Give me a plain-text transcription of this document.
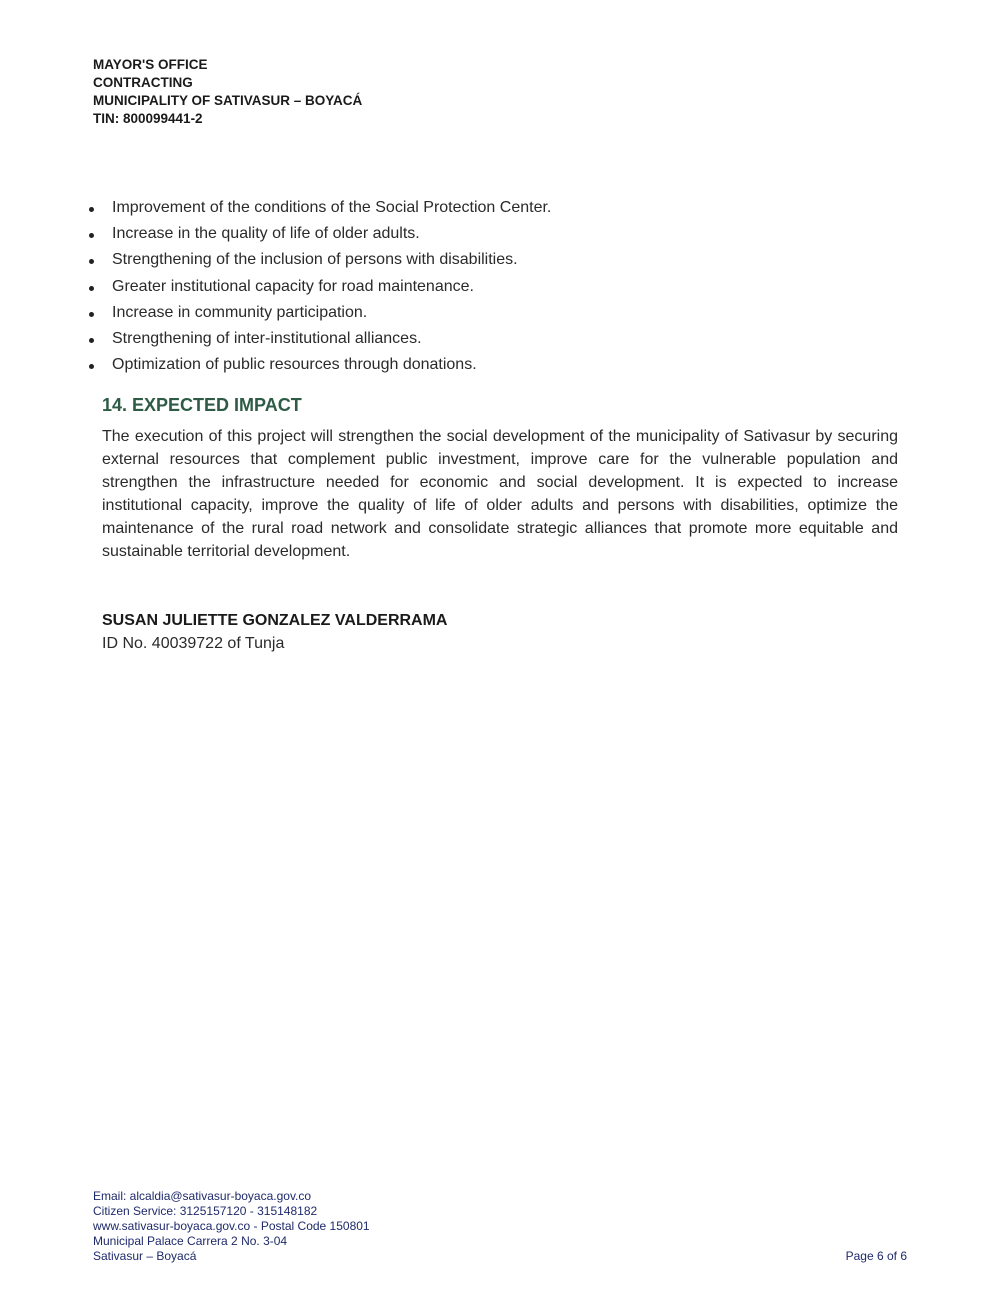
MAYOR'S OFFICE
CONTRACTING
MUNICIPALITY OF SATIVASUR – BOYACÁ
TIN: 800099441-2
Improvement of the conditions of the Social Protection Center.
Increase in the quality of life of older adults.
Strengthening of the inclusion of persons with disabilities.
Greater institutional capacity for road maintenance.
Increase in community participation.
Strengthening of inter-institutional alliances.
Optimization of public resources through donations.
14. EXPECTED IMPACT
The execution of this project will strengthen the social development of the municipality of Sativasur by securing external resources that complement public investment, improve care for the vulnerable population and strengthen the infrastructure needed for economic and social development. It is expected to increase institutional capacity, improve the quality of life of older adults and persons with disabilities, optimize the maintenance of the rural road network and consolidate strategic alliances that promote more equitable and sustainable territorial development.
SUSAN JULIETTE GONZALEZ VALDERRAMA
ID No. 40039722 of Tunja
Email: alcaldia@sativasur-boyaca.gov.co
Citizen Service: 3125157120 - 315148182
www.sativasur-boyaca.gov.co - Postal Code 150801
Municipal Palace Carrera 2 No. 3-04
Sativasur – Boyacá	Page 6 of 6
